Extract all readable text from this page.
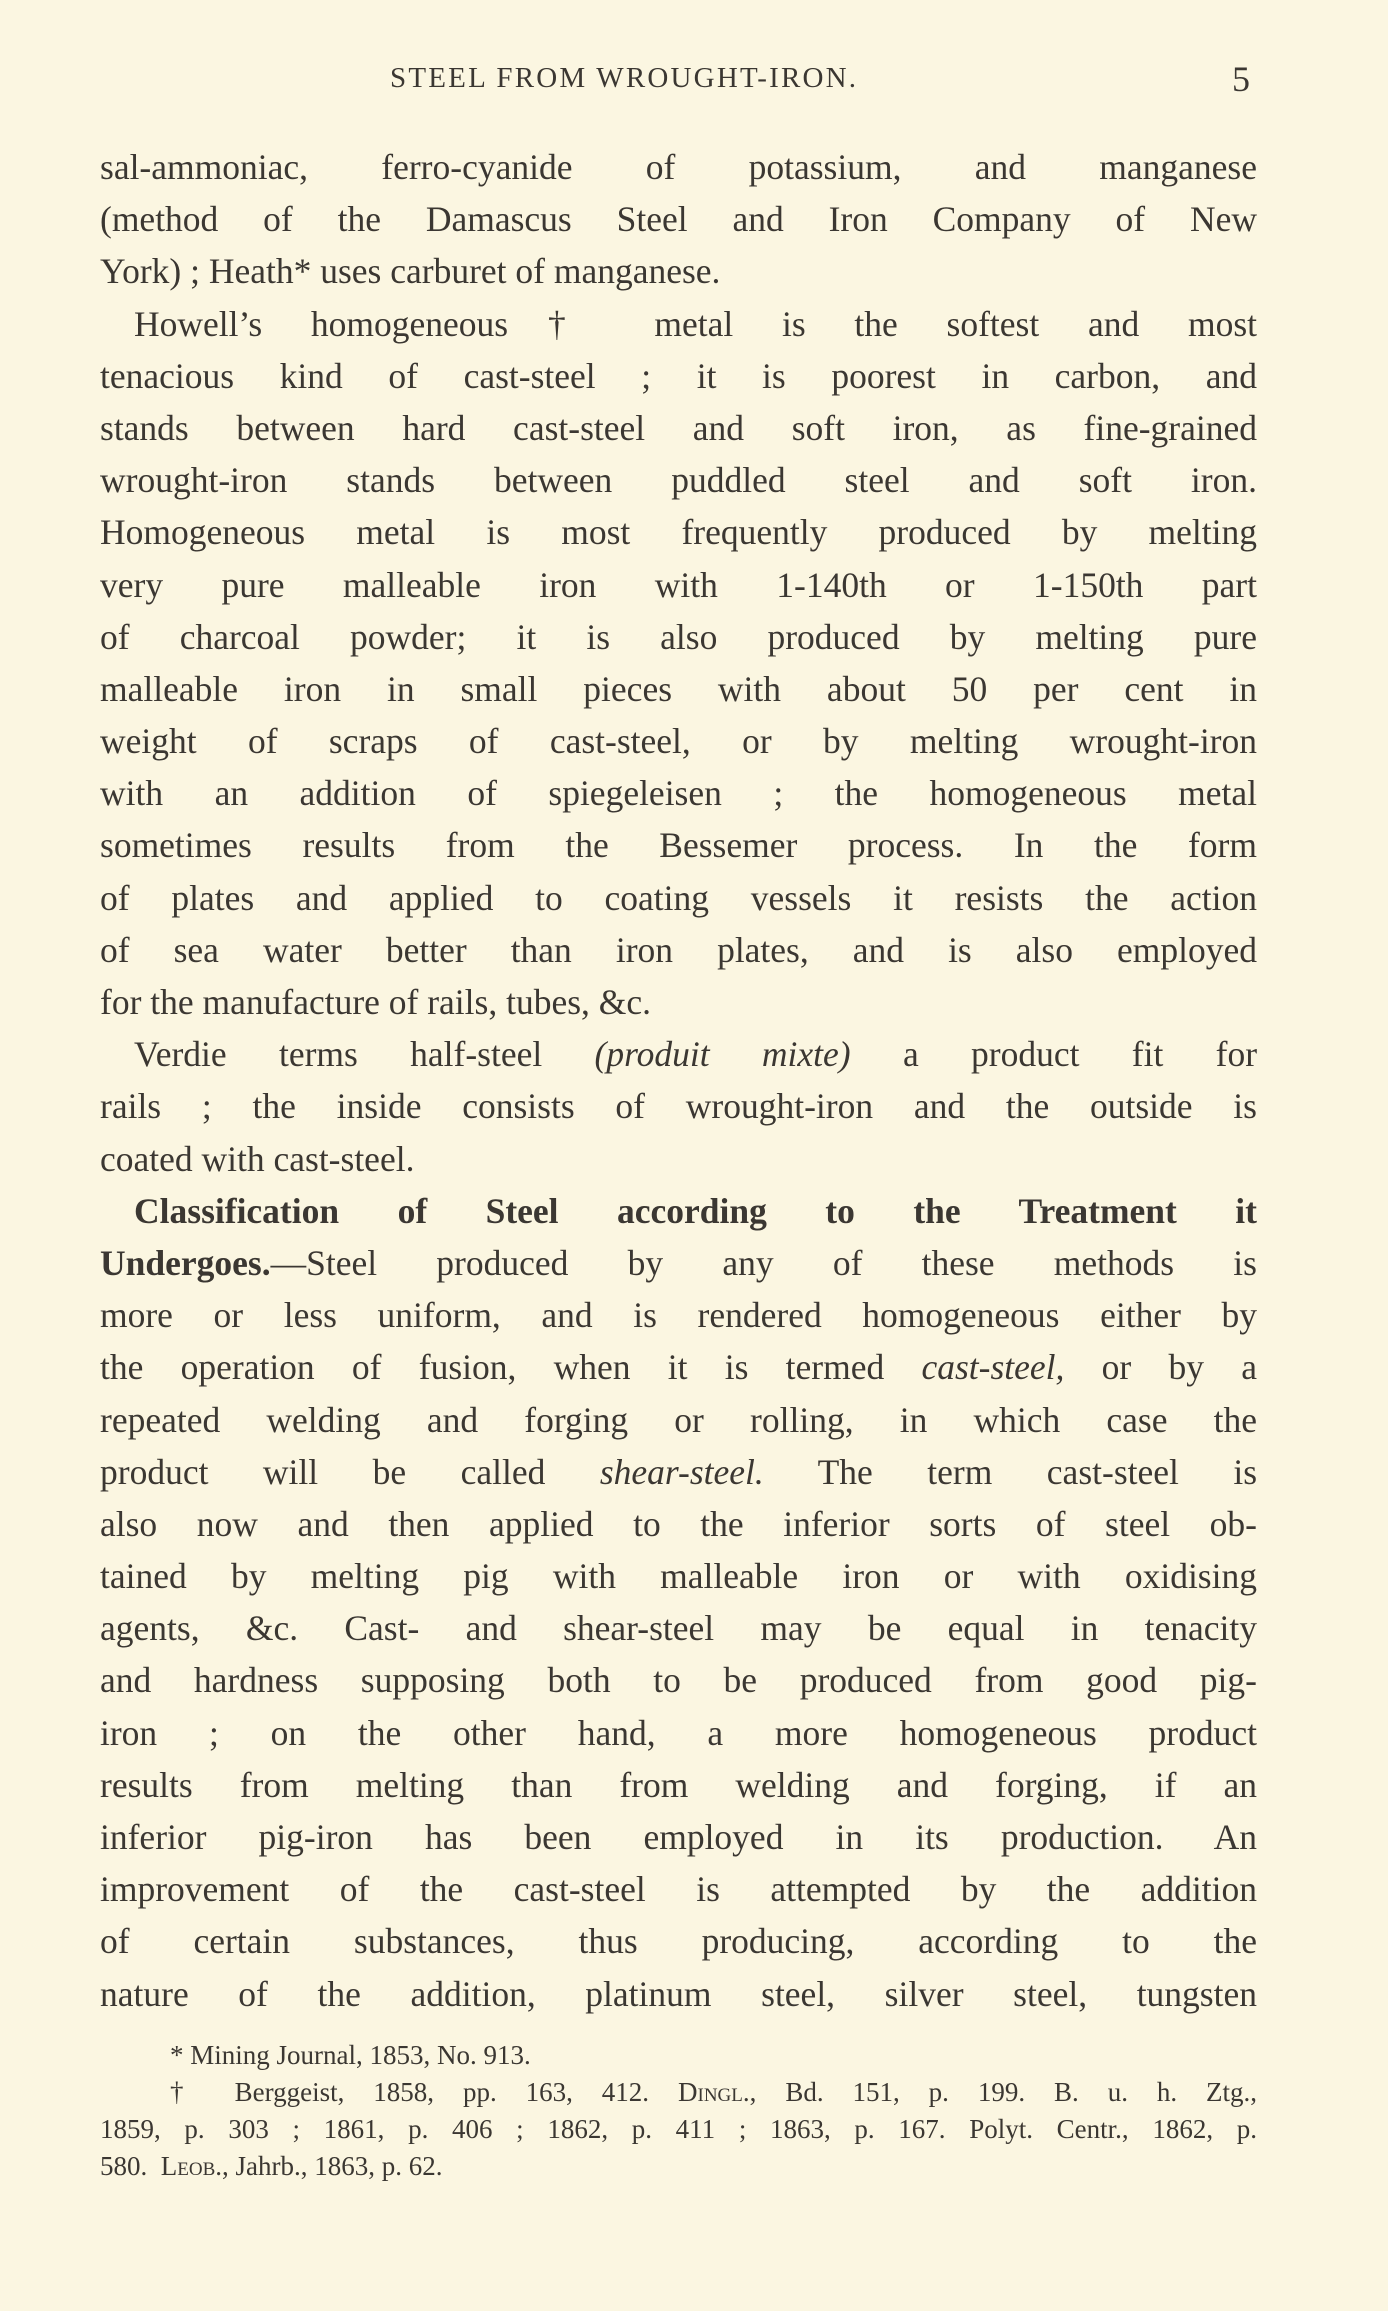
STEEL FROM WROUGHT-IRON.	5
sal-ammoniac, ferro-cyanide of potassium, and manganese
(method of the Damascus Steel and Iron Company of New
York) ; Heath* uses carburet of manganese.
Howell’s homogeneous† metal is the softest and most
tenacious kind of cast-steel ; it is poorest in carbon, and
stands between hard cast-steel and soft iron, as fine-grained
wrought-iron stands between puddled steel and soft iron.
Homogeneous metal is most frequently produced by melting
very pure malleable iron with 1-140th or 1-150th part
of charcoal powder; it is also produced by melting pure
malleable iron in small pieces with about 50 per cent in
weight of scraps of cast-steel, or by melting wrought-iron
with an addition of spiegeleisen ; the homogeneous metal
sometimes results from the Bessemer process. In the form
of plates and applied to coating vessels it resists the action
of sea water better than iron plates, and is also employed
for the manufacture of rails, tubes, &c.
Verdie terms half-steel (produit mixte) a product fit for
rails ; the inside consists of wrought-iron and the outside is
coated with cast-steel.
Classification of Steel according to the Treatment it
Undergoes.—Steel produced by any of these methods is
more or less uniform, and is rendered homogeneous either by
the operation of fusion, when it is termed cast-steel, or by a
repeated welding and forging or rolling, in which case the
product will be called shear-steel. The term cast-steel is
also now and then applied to the inferior sorts of steel ob-
tained by melting pig with malleable iron or with oxidising
agents, &c. Cast- and shear-steel may be equal in tenacity
and hardness supposing both to be produced from good pig-
iron ; on the other hand, a more homogeneous product
results from melting than from welding and forging, if an
inferior pig-iron has been employed in its production. An
improvement of the cast-steel is attempted by the addition
of certain substances, thus producing, according to the
nature of the addition, platinum steel, silver steel, tungsten
* Mining Journal, 1853, No. 913.
† Berggeist, 1858, pp. 163, 412. Dingl., Bd. 151, p. 199. B. u. h. Ztg.,
1859, p. 303 ; 1861, p. 406 ; 1862, p. 411 ; 1863, p. 167. Polyt. Centr., 1862, p.
580. Leob., Jahrb., 1863, p. 62.
